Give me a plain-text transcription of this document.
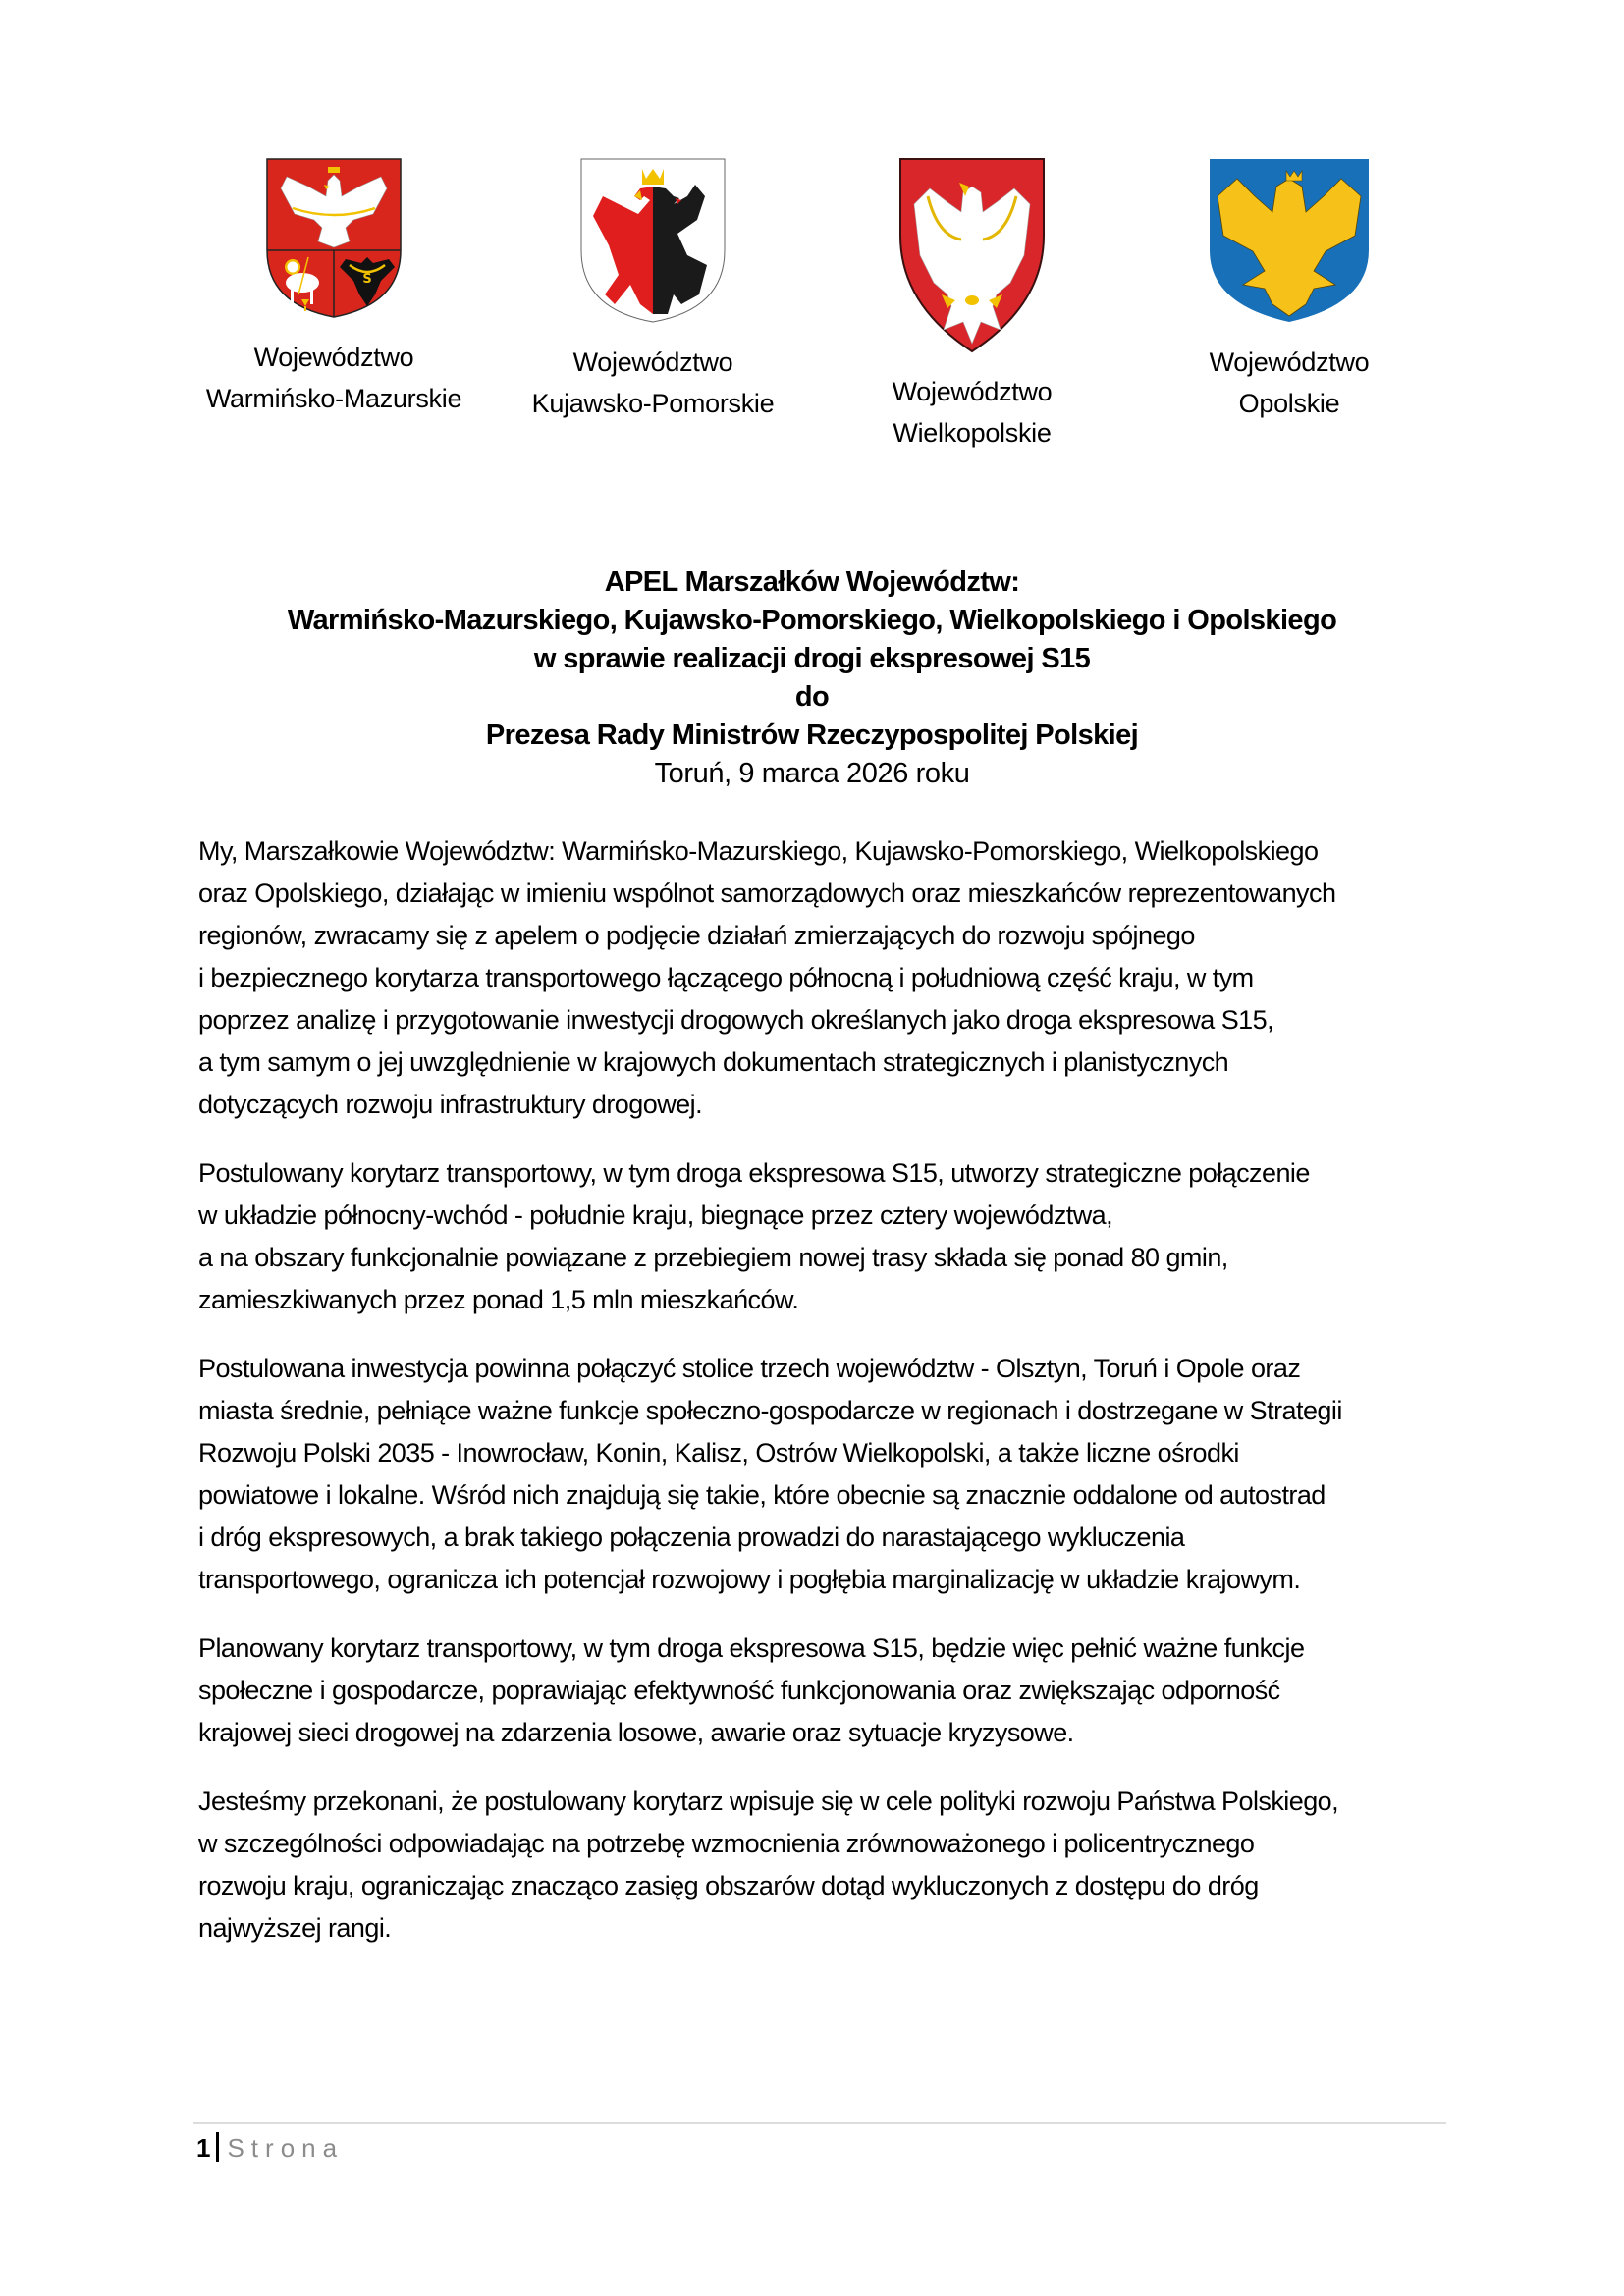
S
Województwo
Warmińsko-Mazurskie
Województwo
Kujawsko-Pomorskie	Województwo
Wielkopolskie
Województwo
Opolskie
APEL Marszałków Województw:
Warmińsko-Mazurskiego, Kujawsko-Pomorskiego, Wielkopolskiego i Opolskiego
w sprawie realizacji drogi ekspresowej S15
do
Prezesa Rady Ministrów Rzeczypospolitej Polskiej
Toruń, 9 marca 2026 roku

My, Marszałkowie Województw: Warmińsko-Mazurskiego, Kujawsko-Pomorskiego, Wielkopolskiego
oraz Opolskiego, działając w imieniu wspólnot samorządowych oraz mieszkańców reprezentowanych
regionów, zwracamy się z apelem o podjęcie działań zmierzających do rozwoju spójnego
i bezpiecznego korytarza transportowego łączącego północną i południową część kraju, w tym
poprzez analizę i przygotowanie inwestycji drogowych określanych jako droga ekspresowa S15,
a tym samym o jej uwzględnienie w krajowych dokumentach strategicznych i planistycznych
dotyczących rozwoju infrastruktury drogowej.

Postulowany korytarz transportowy, w tym droga ekspresowa S15, utworzy strategiczne połączenie
w układzie północny-wchód - południe kraju, biegnące przez cztery województwa,
a na obszary funkcjonalnie powiązane z przebiegiem nowej trasy składa się ponad 80 gmin,
zamieszkiwanych przez ponad 1,5 mln mieszkańców.

Postulowana inwestycja powinna połączyć stolice trzech województw - Olsztyn, Toruń i Opole oraz
miasta średnie, pełniące ważne funkcje społeczno-gospodarcze w regionach i dostrzegane w Strategii
Rozwoju Polski 2035 - Inowrocław, Konin, Kalisz, Ostrów Wielkopolski, a także liczne ośrodki
powiatowe i lokalne. Wśród nich znajdują się takie, które obecnie są znacznie oddalone od autostrad
i dróg ekspresowych, a brak takiego połączenia prowadzi do narastającego wykluczenia
transportowego, ogranicza ich potencjał rozwojowy i pogłębia marginalizację w układzie krajowym.

Planowany korytarz transportowy, w tym droga ekspresowa S15, będzie więc pełnić ważne funkcje
społeczne i gospodarcze, poprawiając efektywność funkcjonowania oraz zwiększając odporność
krajowej sieci drogowej na zdarzenia losowe, awarie oraz sytuacje kryzysowe.

Jesteśmy przekonani, że postulowany korytarz wpisuje się w cele polityki rozwoju Państwa Polskiego,
w szczególności odpowiadając na potrzebę wzmocnienia zrównoważonego i policentrycznego
rozwoju kraju, ograniczając znacząco zasięg obszarów dotąd wykluczonych z dostępu do dróg
najwyższej rangi.

1 Strona
